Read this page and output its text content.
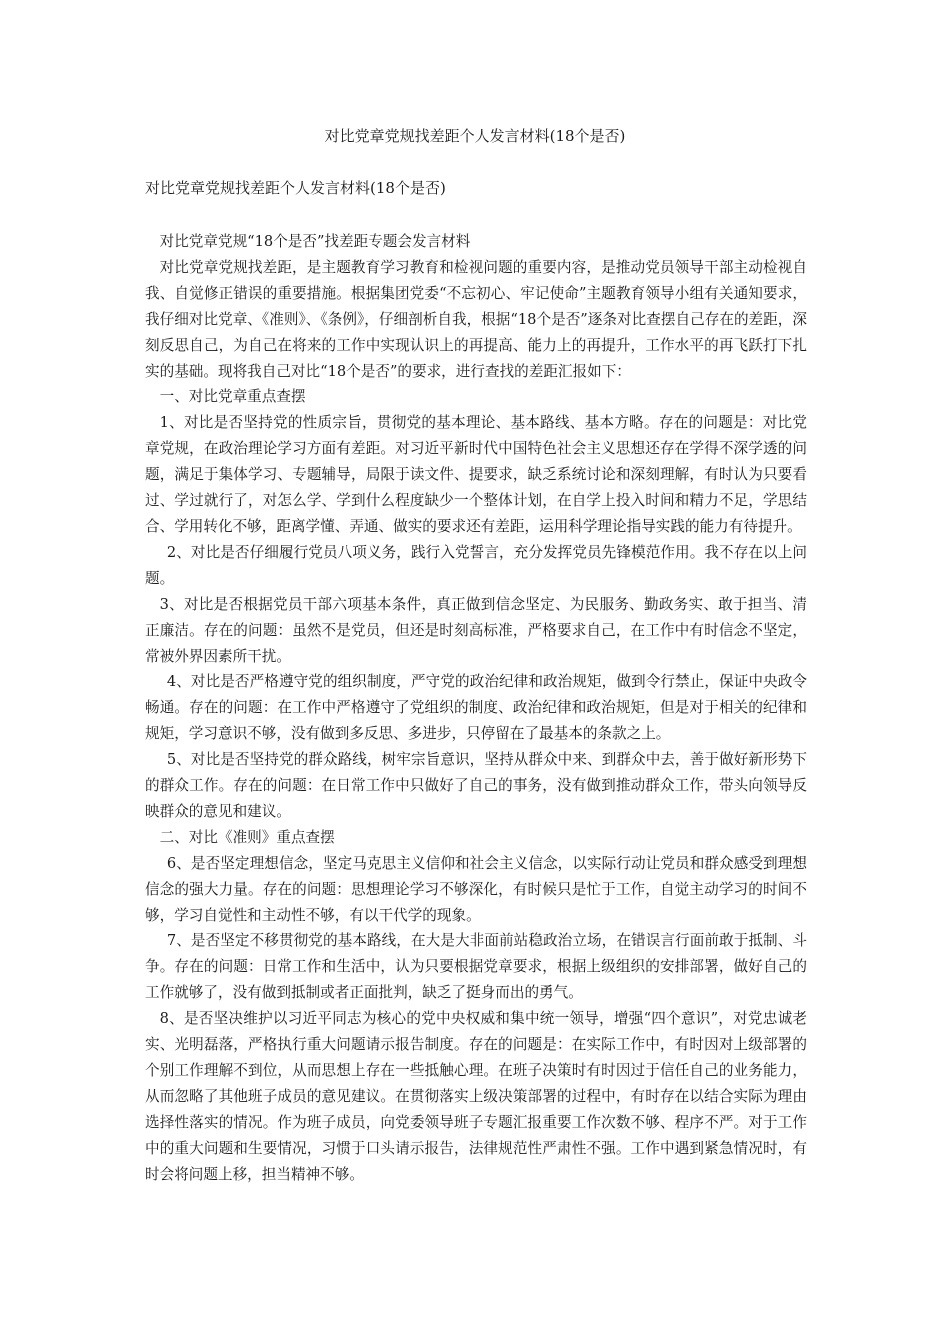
对比党章党规找差距个人发言材料(18个是否)
对比党章党规找差距个人发言材料(18个是否)

对比党章党规“18个是否”找差距专题会发言材料

对比党章党规找差距，是主题教育学习教育和检视问题的重要内容，是推动党员领导干部主动检视自我、自觉修正错误的重要措施。根据集团党委“不忘初心、牢记使命”主题教育领导小组有关通知要求，我仔细对比党章、《准则》、《条例》，仔细剖析自我，根据“18个是否”逐条对比查摆自己存在的差距，深刻反思自己，为自己在将来的工作中实现认识上的再提高、能力上的再提升，工作水平的再飞跃打下扎实的基础。现将我自己对比“18个是否”的要求，进行查找的差距汇报如下：

一、对比党章重点查摆

1、对比是否坚持党的性质宗旨，贯彻党的基本理论、基本路线、基本方略。存在的问题是：对比党章党规，在政治理论学习方面有差距。对习近平新时代中国特色社会主义思想还存在学得不深学透的问题，满足于集体学习、专题辅导，局限于读文件、提要求，缺乏系统讨论和深刻理解，有时认为只要看过、学过就行了，对怎么学、学到什么程度缺少一个整体计划，在自学上投入时间和精力不足，学思结合、学用转化不够，距离学懂、弄通、做实的要求还有差距，运用科学理论指导实践的能力有待提升。

2、对比是否仔细履行党员八项义务，践行入党誓言，充分发挥党员先锋模范作用。我不存在以上问题。

3、对比是否根据党员干部六项基本条件，真正做到信念坚定、为民服务、勤政务实、敢于担当、清正廉洁。存在的问题：虽然不是党员，但还是时刻高标准，严格要求自己，在工作中有时信念不坚定，常被外界因素所干扰。

4、对比是否严格遵守党的组织制度，严守党的政治纪律和政治规矩，做到令行禁止，保证中央政令畅通。存在的问题：在工作中严格遵守了党组织的制度、政治纪律和政治规矩，但是对于相关的纪律和规矩，学习意识不够，没有做到多反思、多进步，只停留在了最基本的条款之上。

5、对比是否坚持党的群众路线，树牢宗旨意识，坚持从群众中来、到群众中去，善于做好新形势下的群众工作。存在的问题：在日常工作中只做好了自己的事务，没有做到推动群众工作，带头向领导反映群众的意见和建议。

二、对比《准则》重点查摆

6、是否坚定理想信念，坚定马克思主义信仰和社会主义信念，以实际行动让党员和群众感受到理想信念的强大力量。存在的问题：思想理论学习不够深化，有时候只是忙于工作，自觉主动学习的时间不够，学习自觉性和主动性不够，有以干代学的现象。

7、是否坚定不移贯彻党的基本路线，在大是大非面前站稳政治立场，在错误言行面前敢于抵制、斗争。存在的问题：日常工作和生活中，认为只要根据党章要求，根据上级组织的安排部署，做好自己的工作就够了，没有做到抵制或者正面批判，缺乏了挺身而出的勇气。

8、是否坚决维护以习近平同志为核心的党中央权威和集中统一领导，增强“四个意识”，对党忠诚老实、光明磊落，严格执行重大问题请示报告制度。存在的问题是：在实际工作中，有时因对上级部署的个别工作理解不到位，从而思想上存在一些抵触心理。在班子决策时有时因过于信任自己的业务能力，从而忽略了其他班子成员的意见建议。在贯彻落实上级决策部署的过程中，有时存在以结合实际为理由选择性落实的情况。作为班子成员，向党委领导班子专题汇报重要工作次数不够、程序不严。对于工作中的重大问题和生要情况，习惯于口头请示报告，法律规范性严肃性不强。工作中遇到紧急情况时，有时会将问题上移，担当精神不够。
